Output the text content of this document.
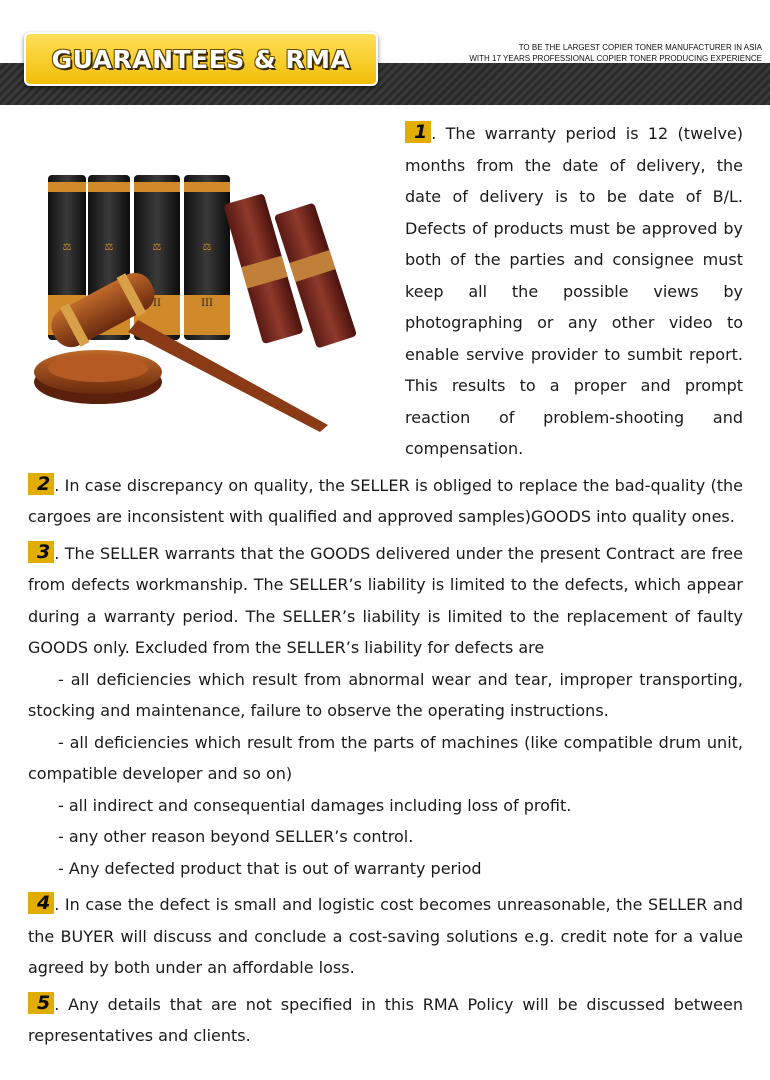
GUARANTEES & RMA	TO BE THE LARGEST COPIER TONER MANUFACTURER IN ASIA
WITH 17 YEARS PROFESSIONAL COPIER TONER PRODUCING EXPERIENCE
⚖	⚖	⚖
II
⚖
III

1 . The warranty period is 12 (twelve) months from the date of delivery, the date of delivery is to be date of B/L. Defects of products must be approved by both of the parties and consignee must keep all the possible views by photographing or any other video to enable servive provider to sumbit report. This results to a proper and prompt reaction of problem-shooting and compensation.

2 . In case discrepancy on quality, the SELLER is obliged to replace the bad-quality (the cargoes are inconsistent with qualified and approved samples)GOODS into quality ones.

3 . The SELLER warrants that the GOODS delivered under the present Contract are free from defects workmanship. The SELLER’s liability is limited to the defects, which appear during a warranty period. The SELLER’s liability is limited to the replacement of faulty GOODS only. Excluded from the SELLER’s liability for defects are

- all deficiencies which result from abnormal wear and tear, improper transporting, stocking and maintenance, failure to observe the operating instructions.

- all deficiencies which result from the parts of machines (like compatible drum unit, compatible developer and so on)

- all indirect and consequential damages including loss of profit.

- any other reason beyond SELLER’s control.

- Any defected product that is out of warranty period

4 . In case the defect is small and logistic cost becomes unreasonable, the SELLER and the BUYER will discuss and conclude a cost-saving solutions e.g. credit note for a value agreed by both under an affordable loss.

5 . Any details that are not specified in this RMA Policy will be discussed between representatives and clients.
